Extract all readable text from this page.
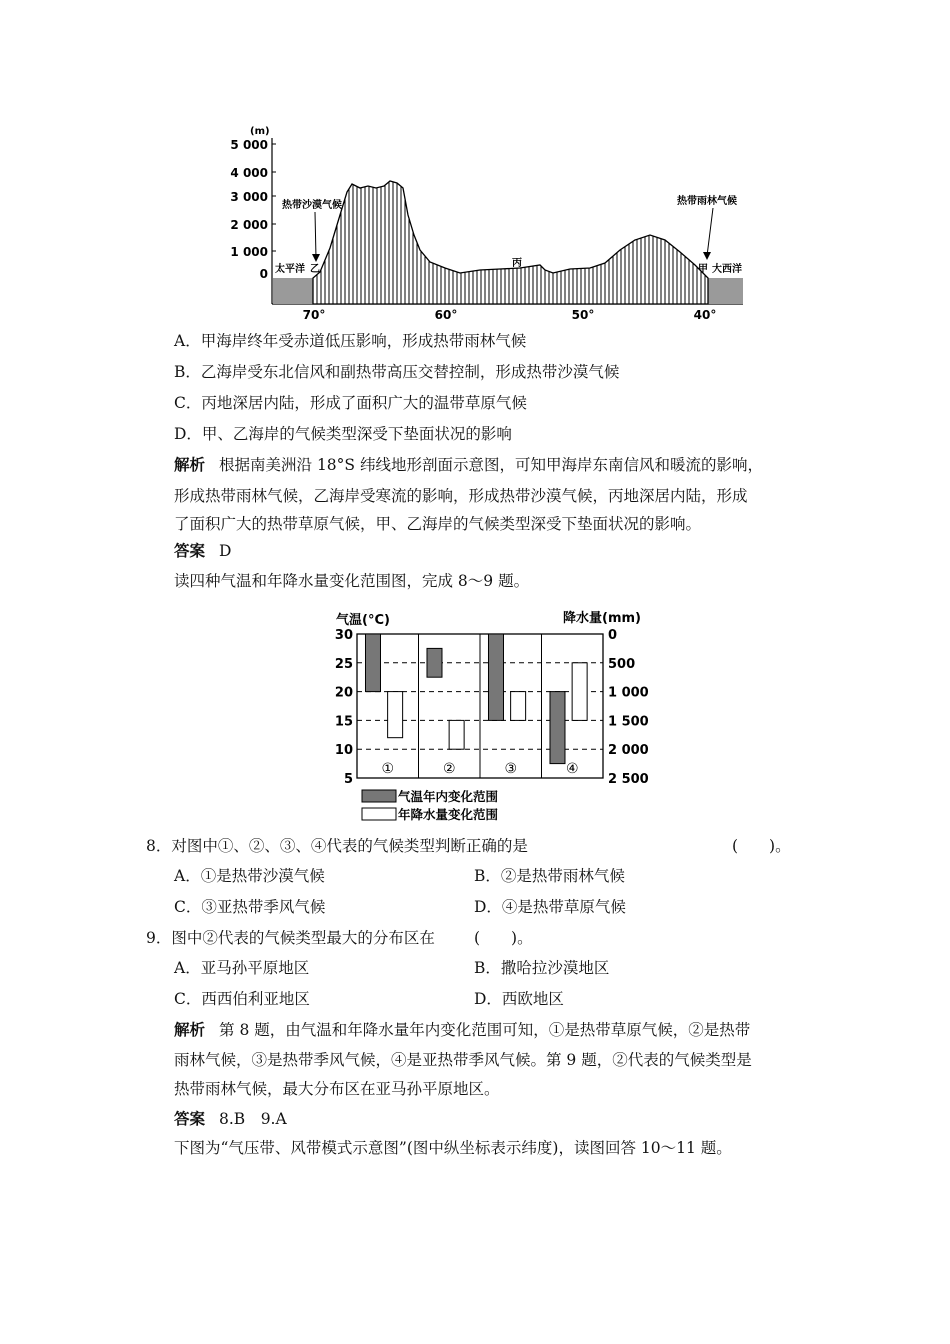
(m)
5 000
4 000
3 000
2 000
1 000
0
70°	60°	50°	40°
热带沙漠气候	热带雨林气候
太平洋 乙	甲 大西洋
丙
A．甲海岸终年受赤道低压影响，形成热带雨林气候
B．乙海岸受东北信风和副热带高压交替控制，形成热带沙漠气候
C．丙地深居内陆，形成了面积广大的温带草原气候
D．甲、乙海岸的气候类型深受下垫面状况的影响
解析 根据南美洲沿 18°S 纬线地形剖面示意图，可知甲海岸东南信风和暖流的影响，
形成热带雨林气候，乙海岸受寒流的影响，形成热带沙漠气候，丙地深居内陆，形成
了面积广大的热带草原气候，甲、乙海岸的气候类型深受下垫面状况的影响。
答案 D
读四种气温和年降水量变化范围图，完成 8～9 题。
气温(°C)	降水量(mm)
30
25
20
15
10
5
0
500
1 000
1 500
2 000
2 500
①	②	③	④
气温年内变化范围
年降水量变化范围
8．对图中①、②、③、④代表的气候类型判断正确的是	(　　)。
A．①是热带沙漠气候	B．②是热带雨林气候
C．③亚热带季风气候	D．④是热带草原气候
9．图中②代表的气候类型最大的分布区在	(　　)。
A．亚马孙平原地区	B．撒哈拉沙漠地区
C．西西伯利亚地区	D．西欧地区
解析 第 8 题，由气温和年降水量年内变化范围可知，①是热带草原气候，②是热带
雨林气候，③是热带季风气候，④是亚热带季风气候。第 9 题，②代表的气候类型是
热带雨林气候，最大分布区在亚马孙平原地区。
答案 8.B　9.A
下图为“气压带、风带模式示意图”(图中纵坐标表示纬度)，读图回答 10～11 题。
